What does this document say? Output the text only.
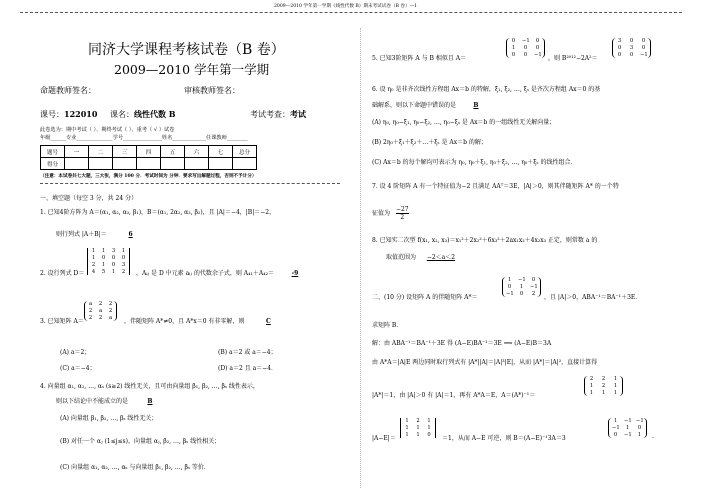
2009—2010 学年第一学期《线性代数 B》期末考试试卷（B 卷）—1
同济大学课程考核试卷（B 卷）
2009—2010 学年第一学期
命题教师签名：	审核教师签名：
课号：122010 课名：线性代数 B	考试考查：考试
此卷选为：期中考试（ ）、期终考试（ ）、重考（ √ ）试卷
年级______专业______________学号_______________姓名_____________任课教师________
题号	一	二	三	四	五	六	七	总分
得分								
（注意：本试卷共七大题，三大张，满分 100 分．考试时间为 分钟．要求写出解题过程，否则不予计分）
一、填空题（每空 3 分，共 24 分）
1. 已知4阶方阵为 A＝(α₁, α₂, α₃, β₁)，B＝(α₁, 2α₂, α₃, β₂)，且 |A|＝−4，|B|＝−2，
则行列式 |A＋B|＝	6
2. 设行列式 D＝
1 1 3 1
1 0 0 0
2 1 0 3
4 5 1 2 ，Aᵢⱼ 是 D 中元素 aᵢⱼ 的代数余子式，则 A₄₁＋A₄₂＝	-9
3. 已知矩阵 A＝
a 2 2
2 a 2
2 2 a ，伴随矩阵 A*≠0，且 A*x＝0 有非零解，则	C
(A) a＝2；	(B) a＝2 或 a＝−4；
(C) a＝−4；	(D) a＝2 且 a＝−4．
4. 向量组 α₁, α₂, …, αₛ (s≥2) 线性无关，且可由向量组 β₁, β₂, …, βₛ 线性表示，
则以下结论中不能成立的是	B
(A) 向量组 β₁, β₂, …, βₛ 线性无关；
(B) 对任一个 αⱼ (1≤j≤s)，向量组 αⱼ, β₂, …, βₛ 线性相关；
(C) 向量组 α₁, α₂, …, αₛ 与向量组 β₁, β₂, …, βₛ 等价．
5. 已知3阶矩阵 A 与 B 相似且 A＝
0	−1	0
1	0	0
0	0	−1 ，则 B²⁰¹²−2A²＝
3	0	0
0	3	0
0	0	−1
6. 设 η₀ 是非齐次线性方程组 Ax＝b 的特解，ξ₁, ξ₂, …, ξₛ 是齐次方程组 Ax＝0 的基
础解系，则以下命题中错误的是	B
(A) η₀, η₀−ξ₁, η₀−ξ₂, …, η₀−ξₛ 是 Ax＝b 的一组线性无关解向量；
(B) 2η₀＋ξ₁＋ξ₂＋…＋ξₛ 是 Ax＝b 的解；
(C) Ax＝b 的每个解均可表示为 η₀, η₀＋ξ₁, η₀＋ξ₂, …, η₀＋ξₛ 的线性组合．
7. 设 4 阶矩阵 A 有一个特征值为−2 且满足 AAᵀ＝3E，|A|＞0，则其伴随矩阵 A* 的一个特
征值为 $\frac{-27}{2}$
8. 已知实二次型 f(x₁, x₂, x₃)＝x₁²＋2x₂²＋6x₃²＋2ax₁x₂＋4x₂x₃ 正定，则常数 a 的
取值范围为 −2＜a＜2
二、(10 分) 设矩阵 A 的伴随矩阵 A*＝
1	−1	0
0	1	−1
−1	0	2	，且 |A|＞0，ABA⁻¹＝BA⁻¹＋3E．
求矩阵 B．
解：由 ABA⁻¹＝BA⁻¹＋3E 得 (A−E)BA⁻¹＝3E ⟹ (A−E)B＝3A
由 A*A＝|A|E 两边同时取行列式有 |A*||A|＝|A|³|E|，从而 |A*|＝|A|²，直接计算得
|A*|＝1，由 |A|＞0 有 |A|＝1，再有 A*A＝E，A＝(A*)⁻¹＝
2	2	1
1	2	1
1	1	1
|A−E|＝
1 2 1
1 1 1
1 1 0 ＝1，从而 A−E 可逆，则 B＝(A−E)⁻¹3A＝3
1	−1 −1
−1	1	0
0	−1	1	.
